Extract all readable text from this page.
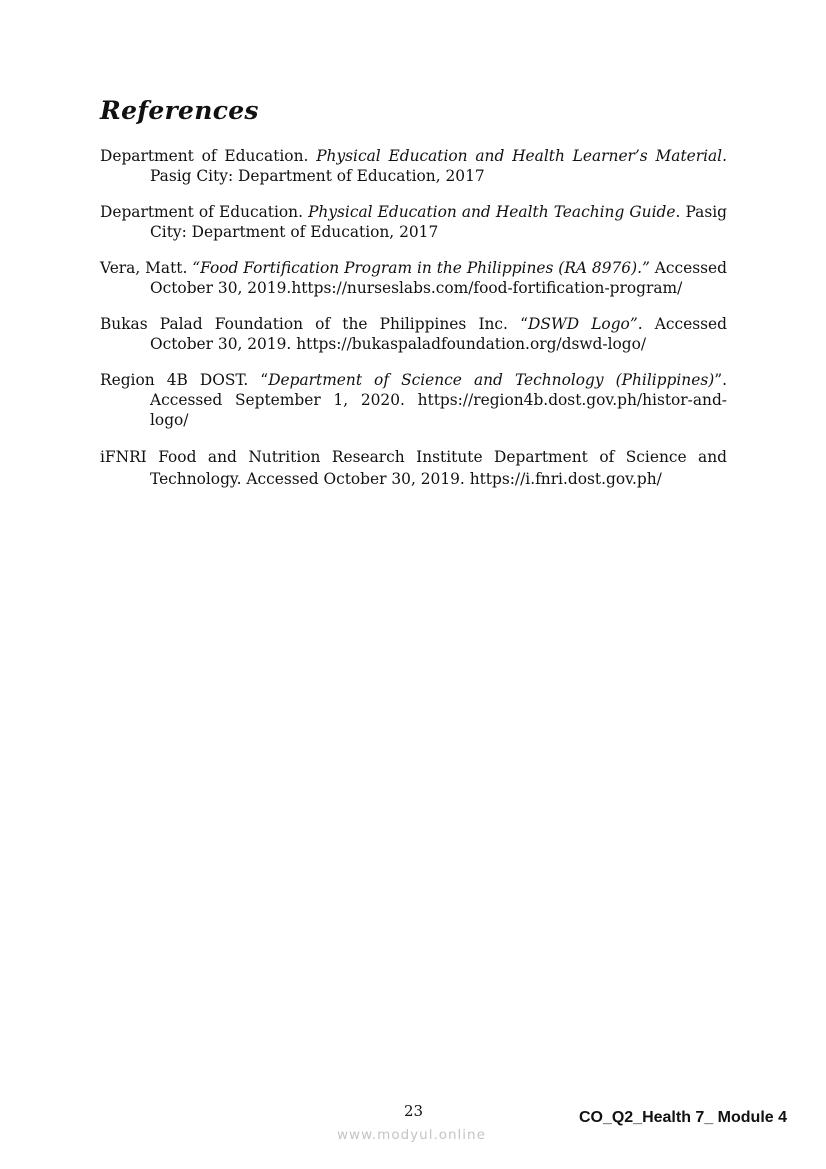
References

Department of Education. Physical Education and Health Learner’s Material. Pasig City: Department of Education, 2017

Department of Education. Physical Education and Health Teaching Guide. Pasig City: Department of Education, 2017

Vera, Matt. “Food Fortification Program in the Philippines (RA 8976).” Accessed October 30, 2019.https://nurseslabs.com/food-fortification-program/

Bukas Palad Foundation of the Philippines Inc. “DSWD Logo”. Accessed October 30, 2019. https://bukaspaladfoundation.org/dswd-logo/

Region 4B DOST. “Department of Science and Technology (Philippines)”. Accessed September 1, 2020. https://region4b.dost.gov.ph/histor-and-logo/

iFNRI Food and Nutrition Research Institute Department of Science and Technology. Accessed October 30, 2019. https://i.fnri.dost.gov.ph/

23	CO_Q2_Health 7_ Module 4
www.modyul.online
